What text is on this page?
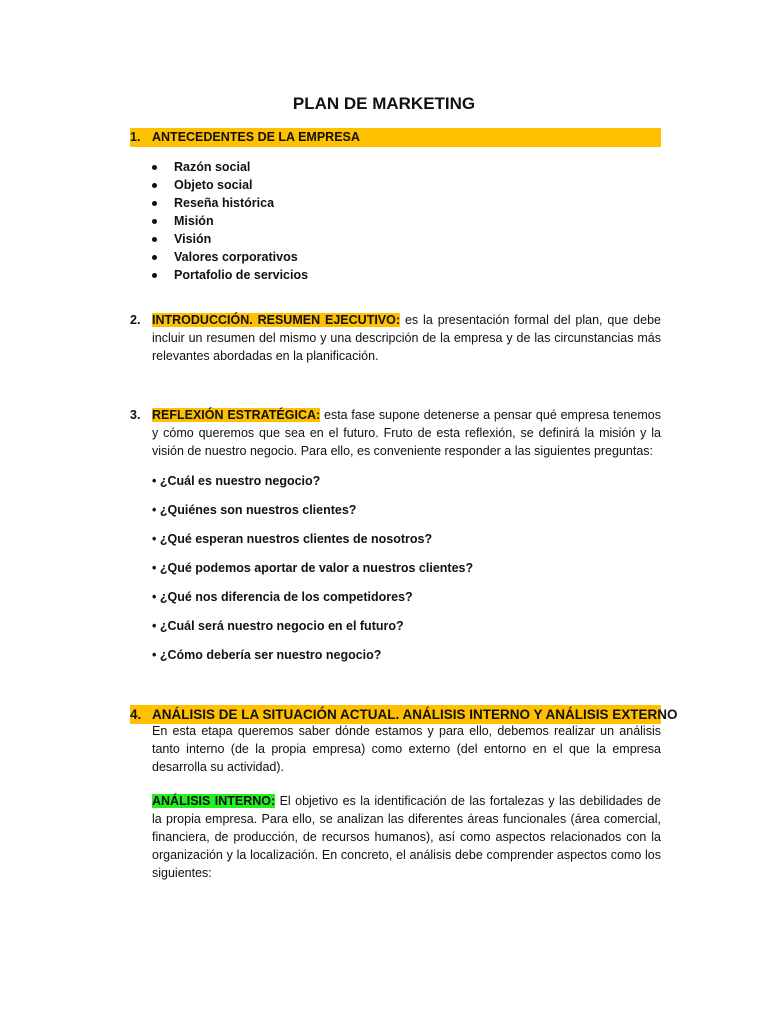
PLAN DE MARKETING
1. ANTECEDENTES DE LA EMPRESA
Razón social
Objeto social
Reseña histórica
Misión
Visión
Valores corporativos
Portafolio de servicios
2. INTRODUCCIÓN. RESUMEN EJECUTIVO: es la presentación formal del plan, que debe incluir un resumen del mismo y una descripción de la empresa y de las circunstancias más relevantes abordadas en la planificación.
3. REFLEXIÓN ESTRATÉGICA: esta fase supone detenerse a pensar qué empresa tenemos y cómo queremos que sea en el futuro. Fruto de esta reflexión, se definirá la misión y la visión de nuestro negocio. Para ello, es conveniente responder a las siguientes preguntas:
• ¿Cuál es nuestro negocio?
• ¿Quiénes son nuestros clientes?
• ¿Qué esperan nuestros clientes de nosotros?
• ¿Qué podemos aportar de valor a nuestros clientes?
• ¿Qué nos diferencia de los competidores?
• ¿Cuál será nuestro negocio en el futuro?
• ¿Cómo debería ser nuestro negocio?
4. ANÁLISIS DE LA SITUACIÓN ACTUAL. ANÁLISIS INTERNO Y ANÁLISIS EXTERNO
En esta etapa queremos saber dónde estamos y para ello, debemos realizar un análisis tanto interno (de la propia empresa) como externo (del entorno en el que la empresa desarrolla su actividad).
ANÁLISIS INTERNO: El objetivo es la identificación de las fortalezas y las debilidades de la propia empresa. Para ello, se analizan las diferentes áreas funcionales (área comercial, financiera, de producción, de recursos humanos), así como aspectos relacionados con la organización y la localización. En concreto, el análisis debe comprender aspectos como los siguientes:
